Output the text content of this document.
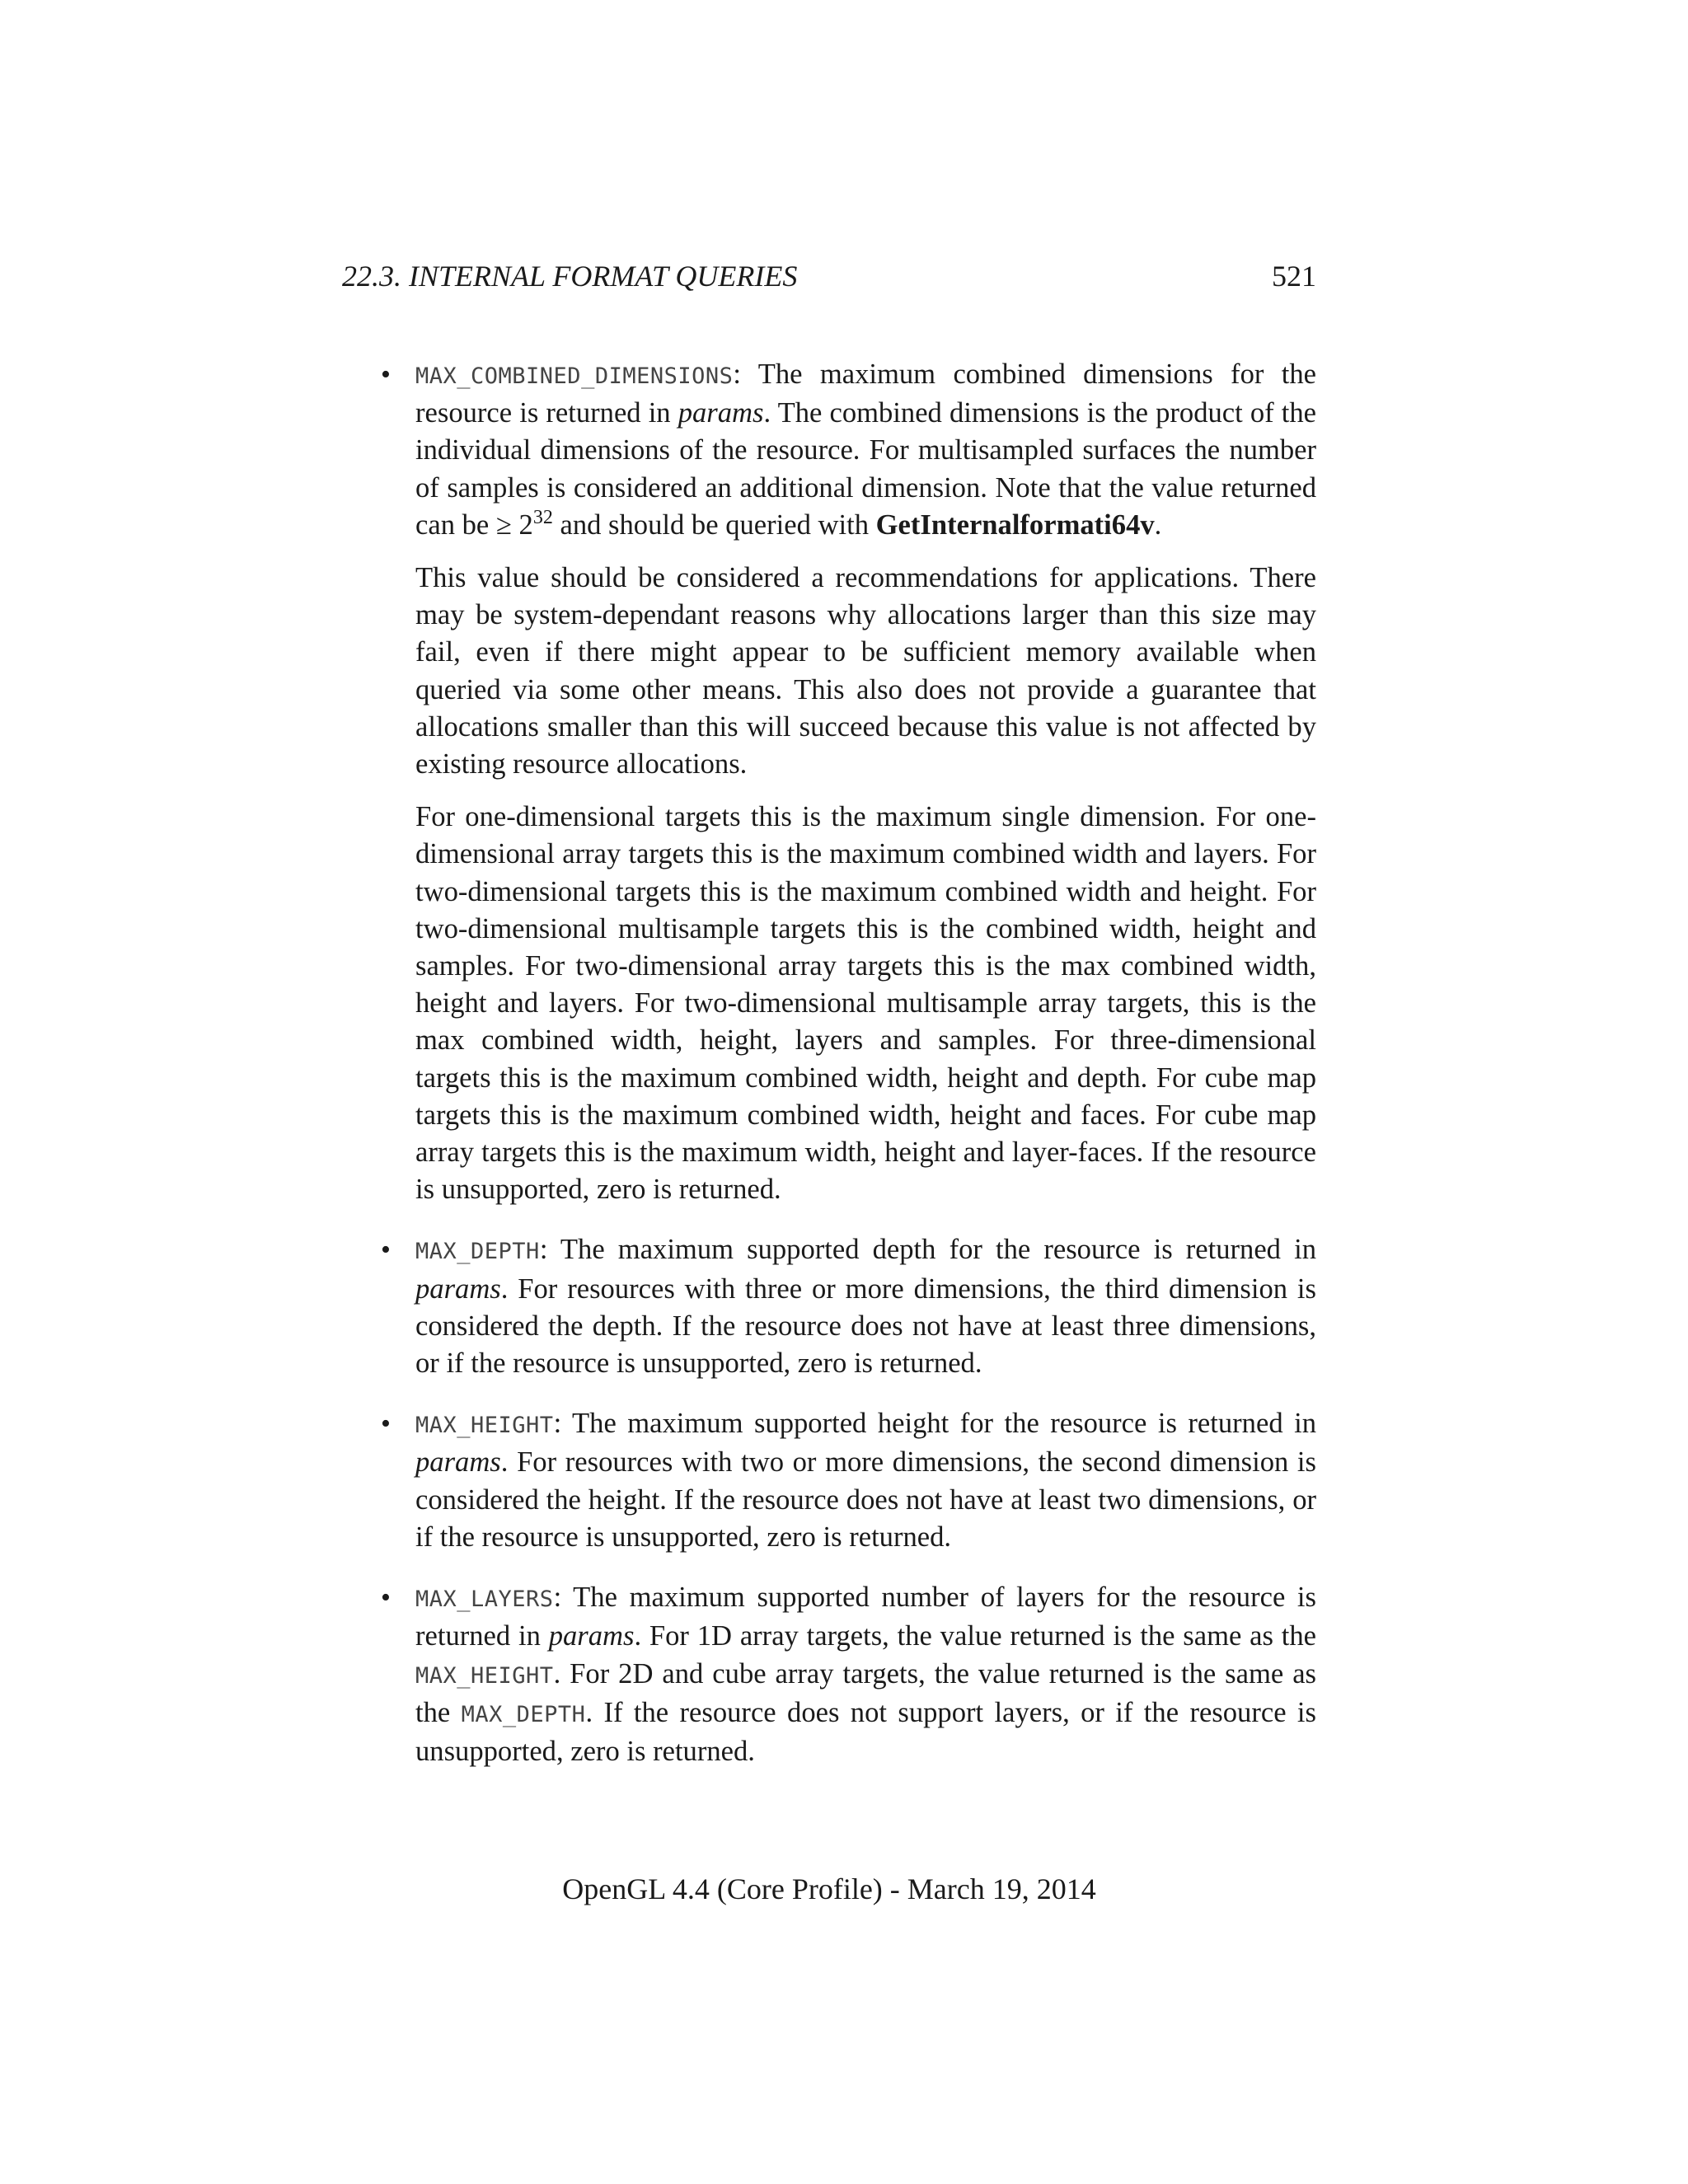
22.3. INTERNAL FORMAT QUERIES	521
• MAX_COMBINED_DIMENSIONS: The maximum combined dimensions for the resource is returned in params. The combined dimensions is the product of the individual dimensions of the resource. For multisampled surfaces the number of samples is considered an additional dimension. Note that the value returned can be ≥ $2^{32}$ and should be queried with GetInternalformati64v.

This value should be considered a recommendations for applications. There may be system-dependant reasons why allocations larger than this size may fail, even if there might appear to be sufficient memory available when queried via some other means. This also does not provide a guarantee that allocations smaller than this will succeed because this value is not affected by existing resource allocations.

For one-dimensional targets this is the maximum single dimension. For one-dimensional array targets this is the maximum combined width and layers. For two-dimensional targets this is the maximum combined width and height. For two-dimensional multisample targets this is the combined width, height and samples. For two-dimensional array targets this is the max combined width, height and layers. For two-dimensional multisample array targets, this is the max combined width, height, layers and samples. For three-dimensional targets this is the maximum combined width, height and depth. For cube map targets this is the maximum combined width, height and faces. For cube map array targets this is the maximum width, height and layer-faces. If the resource is unsupported, zero is returned.

• MAX_DEPTH: The maximum supported depth for the resource is returned in params. For resources with three or more dimensions, the third dimension is considered the depth. If the resource does not have at least three dimensions, or if the resource is unsupported, zero is returned.

• MAX_HEIGHT: The maximum supported height for the resource is returned in params. For resources with two or more dimensions, the second dimension is considered the height. If the resource does not have at least two dimensions, or if the resource is unsupported, zero is returned.

• MAX_LAYERS: The maximum supported number of layers for the resource is returned in params. For 1D array targets, the value returned is the same as the MAX_HEIGHT. For 2D and cube array targets, the value returned is the same as the MAX_DEPTH. If the resource does not support layers, or if the resource is unsupported, zero is returned.

OpenGL 4.4 (Core Profile) - March 19, 2014
